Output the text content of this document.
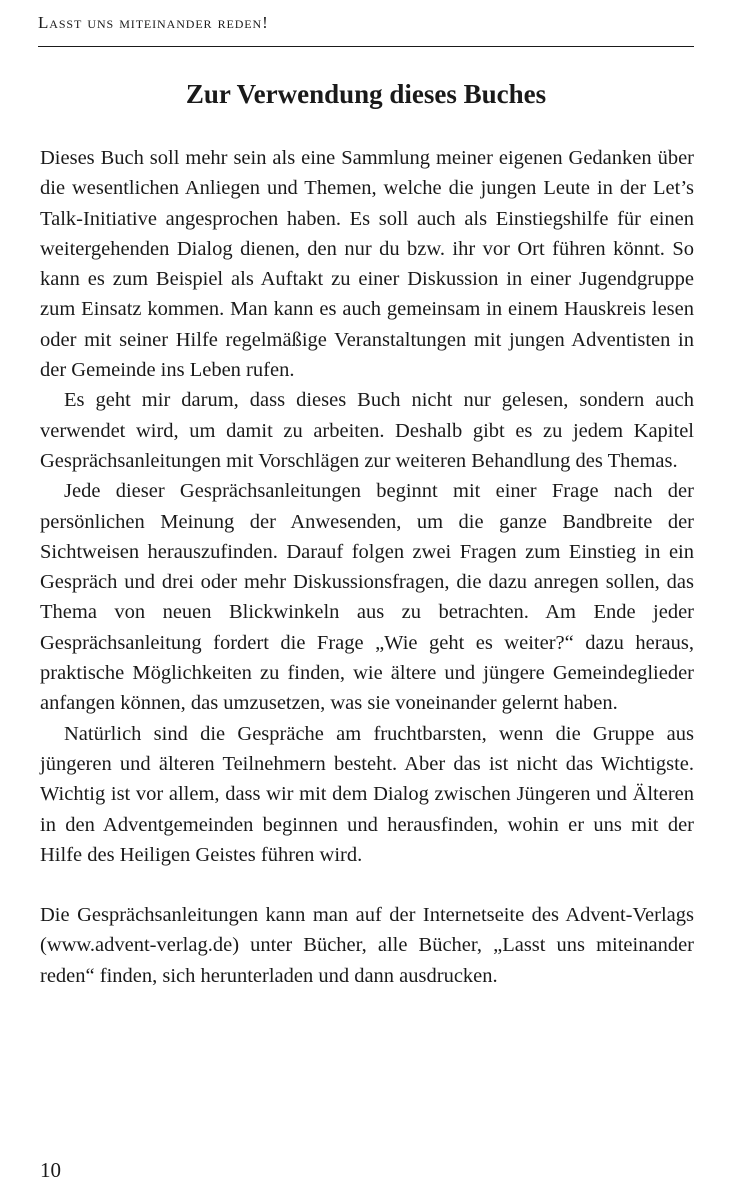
Lasst uns miteinander reden!
Zur Verwendung dieses Buches

Dieses Buch soll mehr sein als eine Sammlung meiner eigenen Gedanken über die wesentlichen Anliegen und Themen, welche die jungen Leute in der Let’s Talk-Initiative angesprochen haben. Es soll auch als Einstiegshilfe für einen weitergehenden Dialog dienen, den nur du bzw. ihr vor Ort führen könnt. So kann es zum Beispiel als Auftakt zu einer Diskussion in einer Jugendgruppe zum Einsatz kommen. Man kann es auch gemeinsam in einem Hauskreis lesen oder mit seiner Hilfe regelmäßige Veranstaltungen mit jungen Adventisten in der Gemeinde ins Leben rufen.

Es geht mir darum, dass dieses Buch nicht nur gelesen, sondern auch verwendet wird, um damit zu arbeiten. Deshalb gibt es zu jedem Kapitel Gesprächsanleitungen mit Vorschlägen zur weiteren Behandlung des Themas.

Jede dieser Gesprächsanleitungen beginnt mit einer Frage nach der persönlichen Meinung der Anwesenden, um die ganze Bandbreite der Sichtweisen herauszufinden. Darauf folgen zwei Fragen zum Einstieg in ein Gespräch und drei oder mehr Diskussionsfragen, die dazu anregen sollen, das Thema von neuen Blickwinkeln aus zu betrachten. Am Ende jeder Gesprächsanleitung fordert die Frage „Wie geht es weiter?“ dazu heraus, praktische Möglichkeiten zu finden, wie ältere und jüngere Gemeindeglieder anfangen können, das umzusetzen, was sie voneinander gelernt haben.

Natürlich sind die Gespräche am fruchtbarsten, wenn die Gruppe aus jüngeren und älteren Teilnehmern besteht. Aber das ist nicht das Wichtigste. Wichtig ist vor allem, dass wir mit dem Dialog zwischen Jüngeren und Älteren in den Adventgemeinden beginnen und herausfinden, wohin er uns mit der Hilfe des Heiligen Geistes führen wird.

Die Gesprächsanleitungen kann man auf der Internetseite des Advent-Verlags (www.advent-verlag.de) unter Bücher, alle Bücher, „Lasst uns miteinander reden“ finden, sich herunterladen und dann ausdrucken.

10
